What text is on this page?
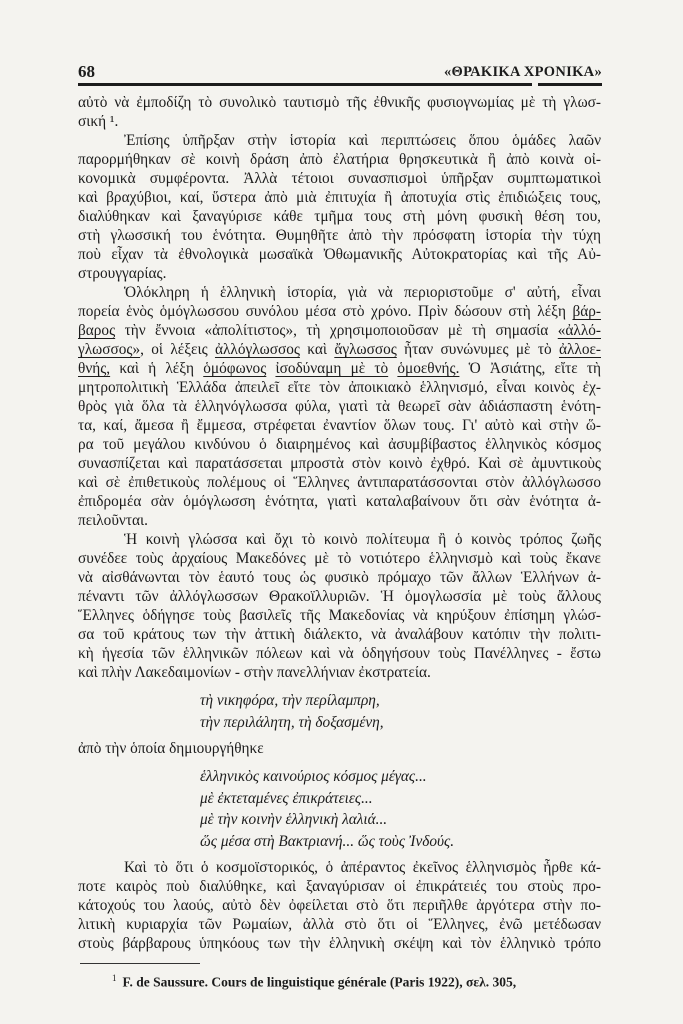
68	«ΘΡΑΚΙΚΑ ΧΡΟΝΙΚΑ»
αὐτὸ νὰ ἐμποδίζη τὸ συνολικὸ ταυτισμὸ τῆς ἐθνικῆς φυσιογνωμίας μὲ τὴ γλωσ-
σική ¹.
Ἐπίσης ὑπῆρξαν στὴν ἱστορία καὶ περιπτώσεις ὅπου ὁμάδες λαῶν
παρορμήθηκαν σὲ κοινὴ δράση ἀπὸ ἐλατήρια θρησκευτικὰ ἢ ἀπὸ κοινὰ οἰ-
κονομικὰ συμφέροντα. Ἀλλὰ τέτοιοι συνασπισμοὶ ὑπῆρξαν συμπτωματικοὶ
καὶ βραχύβιοι, καί, ὕστερα ἀπὸ μιὰ ἐπιτυχία ἢ ἀποτυχία στὶς ἐπιδιώξεις τους,
διαλύθηκαν καὶ ξαναγύρισε κάθε τμῆμα τους στὴ μόνη φυσικὴ θέση του,
στὴ γλωσσική του ἑνότητα. Θυμηθῆτε ἀπὸ τὴν πρόσφατη ἱστορία τὴν τύχη
ποὺ εἶχαν τὰ ἐθνολογικὰ μωσαϊκὰ Ὀθωμανικῆς Αὐτοκρατορίας καὶ τῆς Αὐ-
στρουγγαρίας.
Ὁλόκληρη ἡ ἑλληνικὴ ἱστορία, γιὰ νὰ περιοριστοῦμε σ' αὐτή, εἶναι
πορεία ἑνὸς ὁμόγλωσσου συνόλου μέσα στὸ χρόνο. Πρὶν δώσουν στὴ λέξη βάρ-
βαρος τὴν ἔννοια «ἀπολίτιστος», τὴ χρησιμοποιοῦσαν μὲ τὴ σημασία «ἀλλό-
γλωσσος», οἱ λέξεις ἀλλόγλωσσος καὶ ἄγλωσσος ἦταν συνώνυμες μὲ τὸ ἀλλοε-
θνής, καὶ ἡ λέξη ὁμόφωνος ἰσοδύναμη μὲ τὸ ὁμοεθνής. Ὁ Ἀσιάτης, εἴτε τὴ
μητροπολιτικὴ Ἑλλάδα ἀπειλεῖ εἴτε τὸν ἀποικιακὸ ἑλληνισμό, εἶναι κοινὸς ἐχ-
θρὸς γιὰ ὅλα τὰ ἑλληνόγλωσσα φύλα, γιατὶ τὰ θεωρεῖ σὰν ἀδιάσπαστη ἑνότη-
τα, καί, ἄμεσα ἢ ἔμμεσα, στρέφεται ἐναντίον ὅλων τους. Γι' αὐτὸ καὶ στὴν ὥ-
ρα τοῦ μεγάλου κινδύνου ὁ διαιρημένος καὶ ἀσυμβίβαστος ἑλληνικὸς κόσμος
συνασπίζεται καὶ παρατάσσεται μπροστὰ στὸν κοινὸ ἐχθρό. Καὶ σὲ ἀμυντικοὺς
καὶ σὲ ἐπιθετικοὺς πολέμους οἱ Ἕλληνες ἀντιπαρατάσσονται στὸν ἀλλόγλωσσο
ἐπιδρομέα σὰν ὁμόγλωσση ἑνότητα, γιατὶ καταλαβαίνουν ὅτι σὰν ἑνότητα ἀ-
πειλοῦνται.
Ἡ κοινὴ γλώσσα καὶ ὄχι τὸ κοινὸ πολίτευμα ἢ ὁ κοινὸς τρόπος ζωῆς
συνέδεε τοὺς ἀρχαίους Μακεδόνες μὲ τὸ νοτιότερο ἑλληνισμὸ καὶ τοὺς ἔκανε
νὰ αἰσθάνωνται τὸν ἑαυτό τους ὡς φυσικὸ πρόμαχο τῶν ἄλλων Ἑλλήνων ἀ-
πέναντι τῶν ἀλλόγλωσσων Θρακοϊλλυριῶν. Ἡ ὁμογλωσσία μὲ τοὺς ἄλλους
Ἕλληνες ὁδήγησε τοὺς βασιλεῖς τῆς Μακεδονίας νὰ κηρύξουν ἐπίσημη γλώσ-
σα τοῦ κράτους των τὴν ἀττικὴ διάλεκτο, νὰ ἀναλάβουν κατόπιν τὴν πολιτι-
κὴ ἡγεσία τῶν ἑλληνικῶν πόλεων καὶ νὰ ὁδηγήσουν τοὺς Πανέλληνες - ἔστω
καὶ πλὴν Λακεδαιμονίων - στὴν πανελλήνιαν ἐκστρατεία.
τὴ νικηφόρα, τὴν περίλαμπρη,
τὴν περιλάλητη, τὴ δοξασμένη,
ἀπὸ τὴν ὁποία δημιουργήθηκε
ἑλληνικὸς καινούριος κόσμος μέγας...
μὲ ἐκτεταμένες ἐπικράτειες...
μὲ τὴν κοινὴν ἑλληνικὴ λαλιά...
ὥς μέσα στὴ Βακτριανή... ὥς τοὺς Ἰνδούς.
Καὶ τὸ ὅτι ὁ κοσμοϊστορικός, ὁ ἀπέραντος ἐκεῖνος ἑλληνισμὸς ἦρθε κά-
ποτε καιρὸς ποὺ διαλύθηκε, καὶ ξαναγύρισαν οἱ ἐπικράτειές του στοὺς προ-
κάτοχούς του λαούς, αὐτὸ δὲν ὀφείλεται στὸ ὅτι περιῆλθε ἀργότερα στὴν πο-
λιτικὴ κυριαρχία τῶν Ρωμαίων, ἀλλὰ στὸ ὅτι οἱ Ἕλληνες, ἐνῶ μετέδωσαν
στοὺς βάρβαρους ὑπηκόους των τὴν ἑλληνικὴ σκέψη καὶ τὸν ἑλληνικὸ τρόπο
$^1$ F. de Saussure. Cours de linguistique générale (Paris 1922), σελ. 305,
